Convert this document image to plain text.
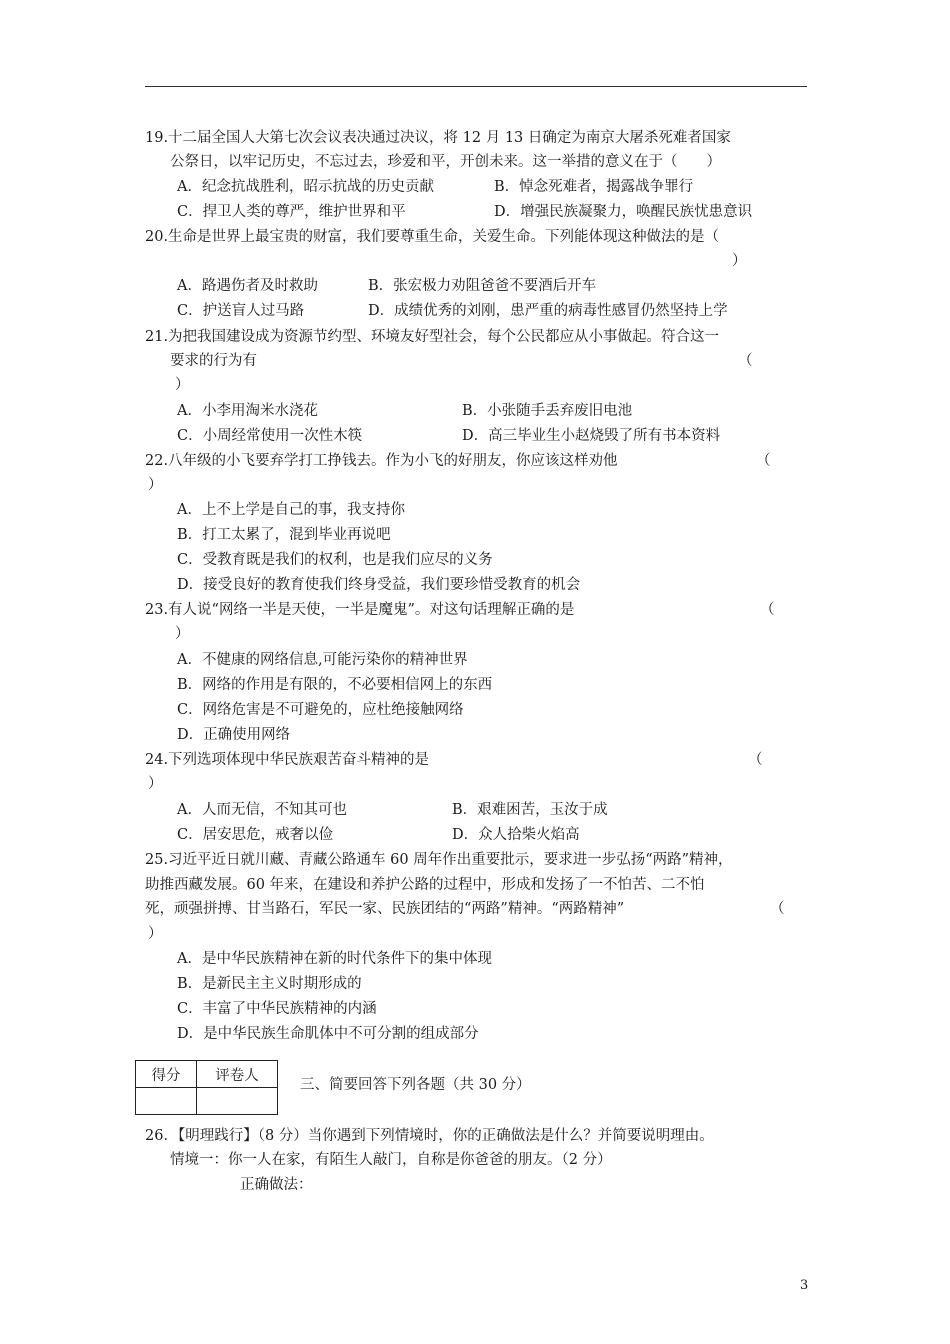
19.十二届全国人大第七次会议表决通过决议，将 12 月 13 日确定为南京大屠杀死难者国家
公祭日，以牢记历史，不忘过去，珍爱和平，开创未来。这一举措的意义在于（　　）
A．纪念抗战胜利，昭示抗战的历史贡献	B．悼念死难者，揭露战争罪行
C．捍卫人类的尊严，维护世界和平	D．增强民族凝聚力，唤醒民族忧患意识
20.生命是世界上最宝贵的财富，我们要尊重生命，关爱生命。下列能体现这种做法的是（
）
A．路遇伤者及时救助	B．张宏极力劝阻爸爸不要酒后开车
C．护送盲人过马路	D．成绩优秀的刘刚，患严重的病毒性感冒仍然坚持上学
21.为把我国建设成为资源节约型、环境友好型社会，每个公民都应从小事做起。符合这一
要求的行为有	（
）
A．小李用淘米水浇花	B．小张随手丢弃废旧电池
C．小周经常使用一次性木筷	D．高三毕业生小赵烧毁了所有书本资料
22.八年级的小飞要弃学打工挣钱去。作为小飞的好朋友，你应该这样劝他	（
）
A．上不上学是自己的事，我支持你
B．打工太累了，混到毕业再说吧
C．受教育既是我们的权利，也是我们应尽的义务
D．接受良好的教育使我们终身受益，我们要珍惜受教育的机会
23.有人说“网络一半是天使，一半是魔鬼”。对这句话理解正确的是	（
）
A．不健康的网络信息,可能污染你的精神世界
B．网络的作用是有限的，不必要相信网上的东西
C．网络危害是不可避免的，应杜绝接触网络
D．正确使用网络
24.下列选项体现中华民族艰苦奋斗精神的是	（
）
A．人而无信，不知其可也	B．艰难困苦，玉汝于成
C．居安思危，戒奢以俭	D．众人拾柴火焰高
25.习近平近日就川藏、青藏公路通车 60 周年作出重要批示，要求进一步弘扬“两路”精神，
助推西藏发展。60 年来，在建设和养护公路的过程中，形成和发扬了一不怕苦、二不怕
死，顽强拼搏、甘当路石，军民一家、民族团结的“两路”精神。“两路精神”	（
）
A．是中华民族精神在新的时代条件下的集中体现
B．是新民主主义时期形成的
C．丰富了中华民族精神的内涵
D．是中华民族生命肌体中不可分割的组成部分
得分	评卷人

三、简要回答下列各题（共 30 分）
26．【明理践行】（8 分）当你遇到下列情境时，你的正确做法是什么？并简要说明理由。
情境一：你一人在家，有陌生人敲门，自称是你爸爸的朋友。（2 分）
正确做法：
3
